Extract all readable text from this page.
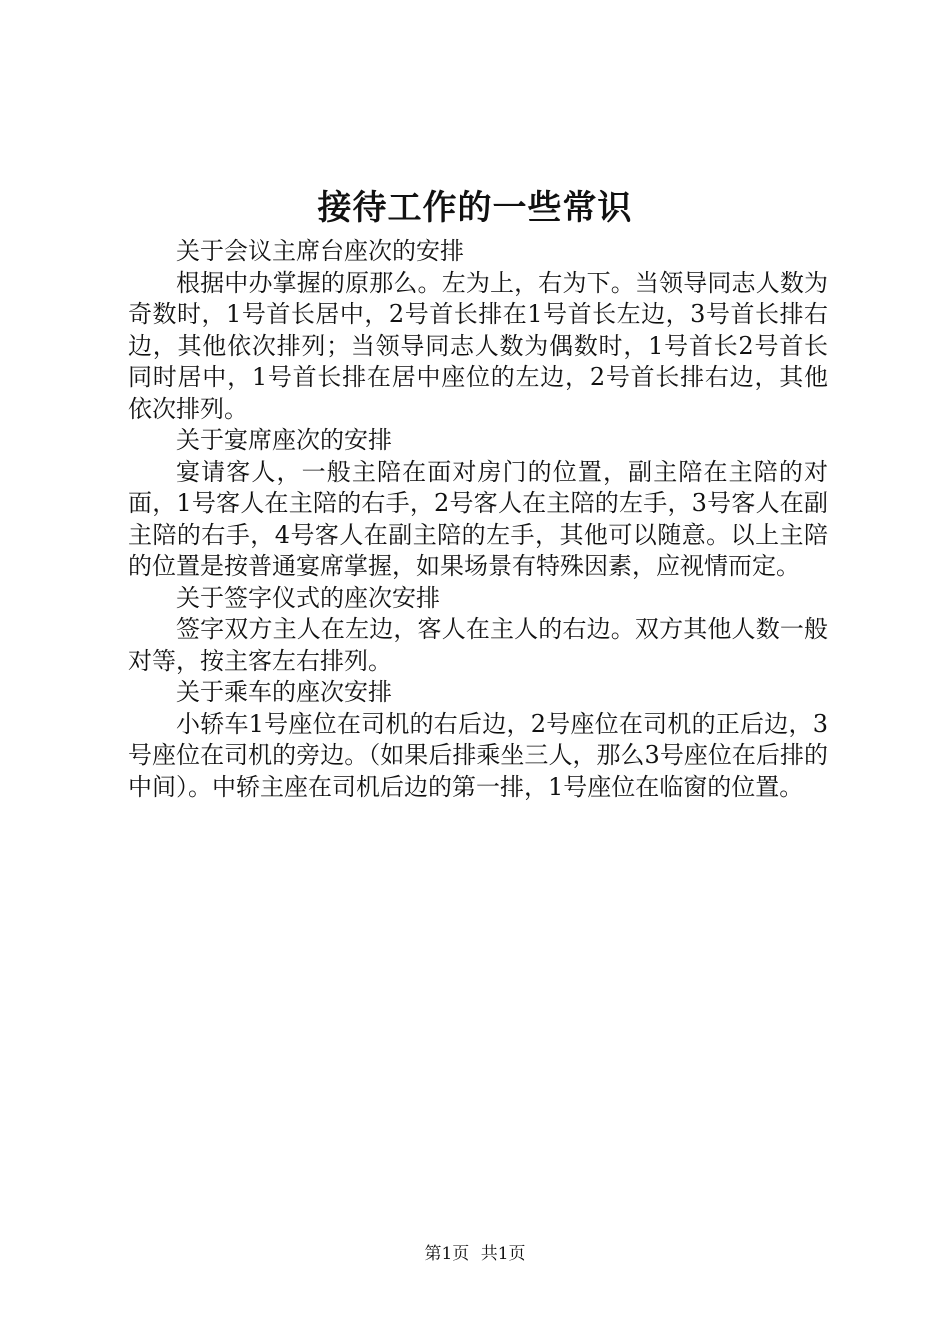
接待工作的一些常识

关于会议主席台座次的安排

根据中办掌握的原那么。左为上，右为下。当领导同志人数为奇数时，1号首长居中，2号首长排在1号首长左边，3号首长排右边，其他依次排列；当领导同志人数为偶数时，1号首长2号首长同时居中，1号首长排在居中座位的左边，2号首长排右边，其他依次排列。

关于宴席座次的安排

宴请客人，一般主陪在面对房门的位置，副主陪在主陪的对面，1号客人在主陪的右手，2号客人在主陪的左手，3号客人在副主陪的右手，4号客人在副主陪的左手，其他可以随意。以上主陪的位置是按普通宴席掌握，如果场景有特殊因素，应视情而定。

关于签字仪式的座次安排

签字双方主人在左边，客人在主人的右边。双方其他人数一般对等，按主客左右排列。

关于乘车的座次安排

小轿车1号座位在司机的右后边，2号座位在司机的正后边，3号座位在司机的旁边。（如果后排乘坐三人，那么3号座位在后排的中间）。中轿主座在司机后边的第一排，1号座位在临窗的位置。

第1页 共1页
